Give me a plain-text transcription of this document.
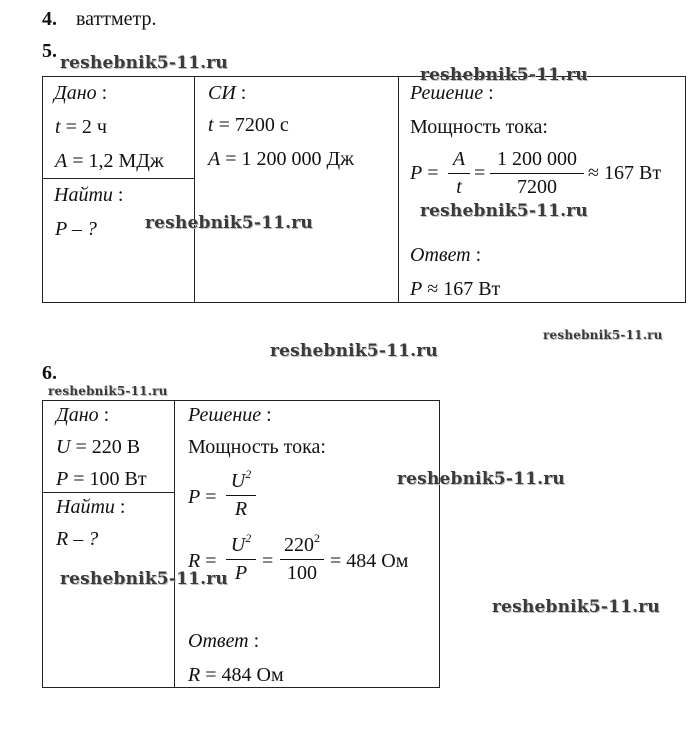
4. ваттметр.
5.
Дано :
t = 2 ч
A = 1,2 МДж
Найти :
P – ?
СИ :
t = 7200 с
A = 1 200 000 Дж
Решение :
Мощность тока:
P =
A
t
=
1 200 000
7200
≈ 167 Вт
Ответ :
P ≈ 167 Вт
6.
Дано :
U = 220 В
P = 100 Вт
Найти :
R – ?
Решение :
Мощность тока:
P =
$U^2$
R
R =
$U^2$
P
=
$220^2$
100
= 484 Ом
Ответ :
R = 484 Ом
reshebnik5-11.ru
reshebnik5-11.ru
reshebnik5-11.ru
reshebnik5-11.ru
reshebnik5-11.ru
reshebnik5-11.ru
reshebnik5-11.ru
reshebnik5-11.ru
reshebnik5-11.ru
reshebnik5-11.ru
